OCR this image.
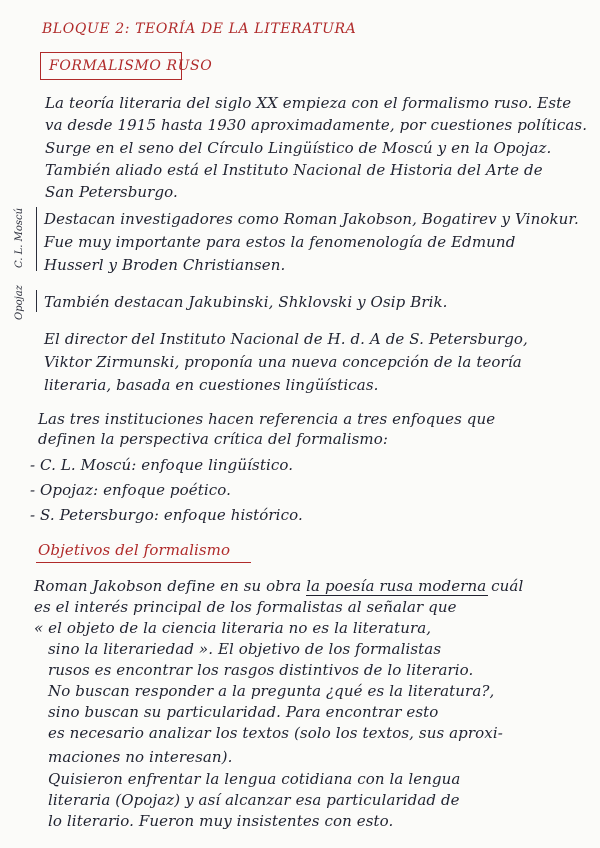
BLOQUE 2: TEORÍA DE LA LITERATURA
FORMALISMO RUSO
La teoría literaria del siglo XX empieza con el formalismo ruso. Este
va desde 1915 hasta 1930 aproximadamente, por cuestiones políticas.
Surge en el seno del Círculo Lingüístico de Moscú y en la Opojaz.
También aliado está el Instituto Nacional de Historia del Arte de
San Petersburgo.
C. L. Moscú Destacan investigadores como Roman Jakobson, Bogatirev y Vinokur.
Fue muy importante para estos la fenomenología de Edmund
Husserl y Broden Christiansen.
Opojaz También destacan Jakubinski, Shklovski y Osip Brik.
El director del Instituto Nacional de H. d. A de S. Petersburgo,
Viktor Zirmunski, proponía una nueva concepción de la teoría
literaria, basada en cuestiones lingüísticas.
Las tres instituciones hacen referencia a tres enfoques que
definen la perspectiva crítica del formalismo:
- C. L. Moscú: enfoque lingüístico.
- Opojaz: enfoque poético.
- S. Petersburgo: enfoque histórico.
Objetivos del formalismo
Roman Jakobson define en su obra la poesía rusa moderna cuál
es el interés principal de los formalistas al señalar que
« el objeto de la ciencia literaria no es la literatura,
sino la literariedad ». El objetivo de los formalistas
rusos es encontrar los rasgos distintivos de lo literario.
No buscan responder a la pregunta ¿qué es la literatura?,
sino buscan su particularidad. Para encontrar esto
es necesario analizar los textos (solo los textos, sus aproxi-
maciones no interesan).
Quisieron enfrentar la lengua cotidiana con la lengua
literaria (Opojaz) y así alcanzar esa particularidad de
lo literario. Fueron muy insistentes con esto.
